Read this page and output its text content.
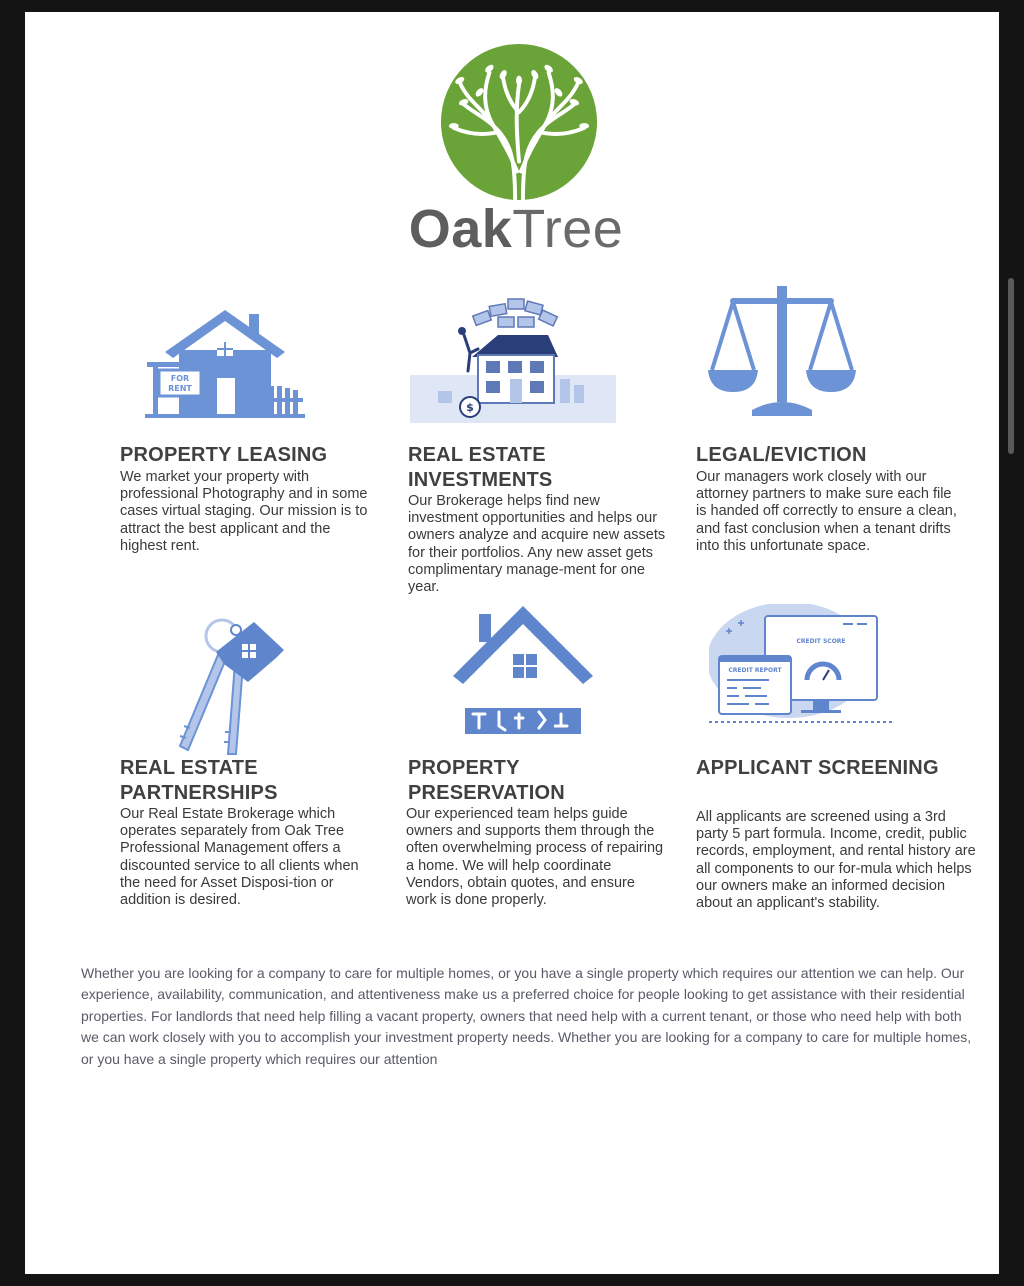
OakTree
FOR
RENT
PROPERTY LEASING

We market your property with professional Photography and in some cases virtual staging. Our mission is to attract the best applicant and the highest rent.

$
REAL ESTATE INVESTMENTS

Our Brokerage helps find new investment opportunities and helps our owners analyze and acquire new assets for their portfolios. Any new asset gets complimentary manage-ment for one year.

LEGAL/EVICTION

Our managers work closely with our attorney partners to make sure each file is handed off correctly to ensure a clean, and fast conclusion when a tenant drifts into this unfortunate space.

REAL ESTATE PARTNERSHIPS

Our Real Estate Brokerage which operates separately from Oak Tree Professional Management offers a discounted service to all clients when the need for Asset Disposi-tion or addition is desired.

PROPERTY PRESERVATION

Our experienced team helps guide owners and supports them through the often overwhelming process of repairing a home. We will help coordinate Vendors, obtain quotes, and ensure work is done properly.

CREDIT SCORE
CREDIT REPORT
APPLICANT SCREENING

All applicants are screened using a 3rd party 5 part formula. Income, credit, public records, employment, and rental history are all components to our for-mula which helps our owners make an informed decision about an applicant's stability.

Whether you are looking for a company to care for multiple homes, or you have a single property which requires our attention we can help. Our experience, availability, communication, and attentiveness make us a preferred choice for people looking to get assistance with their residential properties. For landlords that need help filling a vacant property, owners that need help with a current tenant, or those who need help with both we can work closely with you to accomplish your investment property needs. Whether you are looking for a company to care for multiple homes, or you have a single property which requires our attention
